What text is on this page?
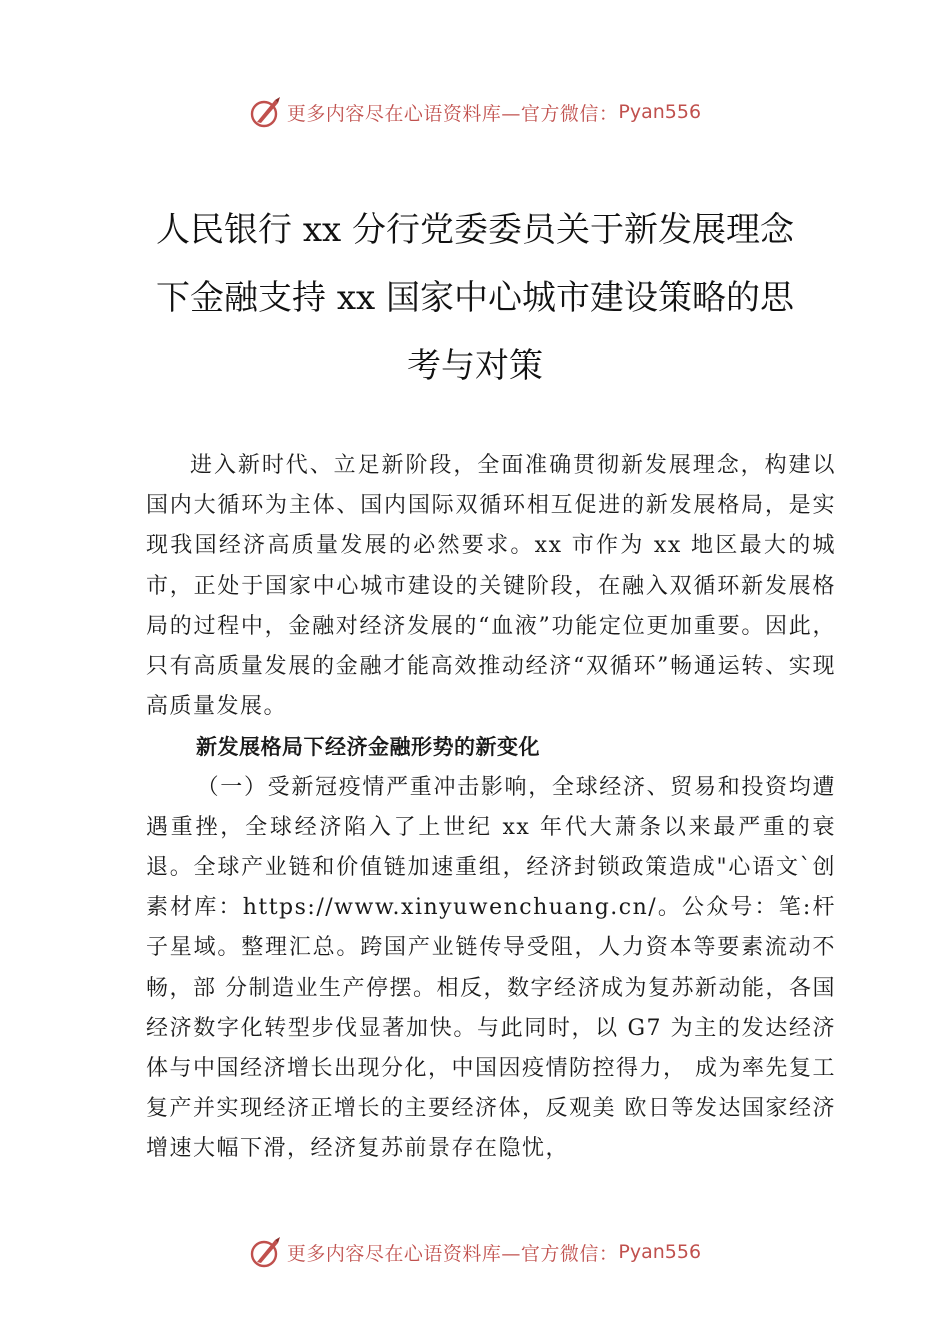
更多内容尽在心语资料库—官方微信： Pyan556
人民银行 xx 分行党委委员关于新发展理念
下金融支持 xx 国家中心城市建设策略的思
考与对策

进入新时代、立足新阶段，全面准确贯彻新发展理念，构建以国内大循环为主体、国内国际双循环相互促进的新发展格局，是实现我国经济高质量发展的必然要求。xx 市作为 xx 地区最大的城市，正处于国家中心城市建设的关键阶段，在融入双循环新发展格局的过程中，金融对经济发展的“血液”功能定位更加重要。因此，只有高质量发展的金融才能高效推动经济“双循环”畅通运转、实现高质量发展。

新发展格局下经济金融形势的新变化

（一）受新冠疫情严重冲击影响，全球经济、贸易和投资均遭遇重挫，全球经济陷入了上世纪 xx 年代大萧条以来最严重的衰退。全球产业链和价值链加速重组，经济封锁政策造成"心语文`创素材库：https://www.xinyuwenchuang.cn/。公众号：笔:杆子星域。整理汇总。跨国产业链传导受阻，人力资本等要素流动不畅，部 分制造业生产停摆。相反，数字经济成为复苏新动能，各国 经济数字化转型步伐显著加快。与此同时，以 G7 为主的发达经济体与中国经济增长出现分化，中国因疫情防控得力， 成为率先复工复产并实现经济正增长的主要经济体，反观美 欧日等发达国家经济增速大幅下滑，经济复苏前景存在隐忧，

更多内容尽在心语资料库—官方微信： Pyan556
